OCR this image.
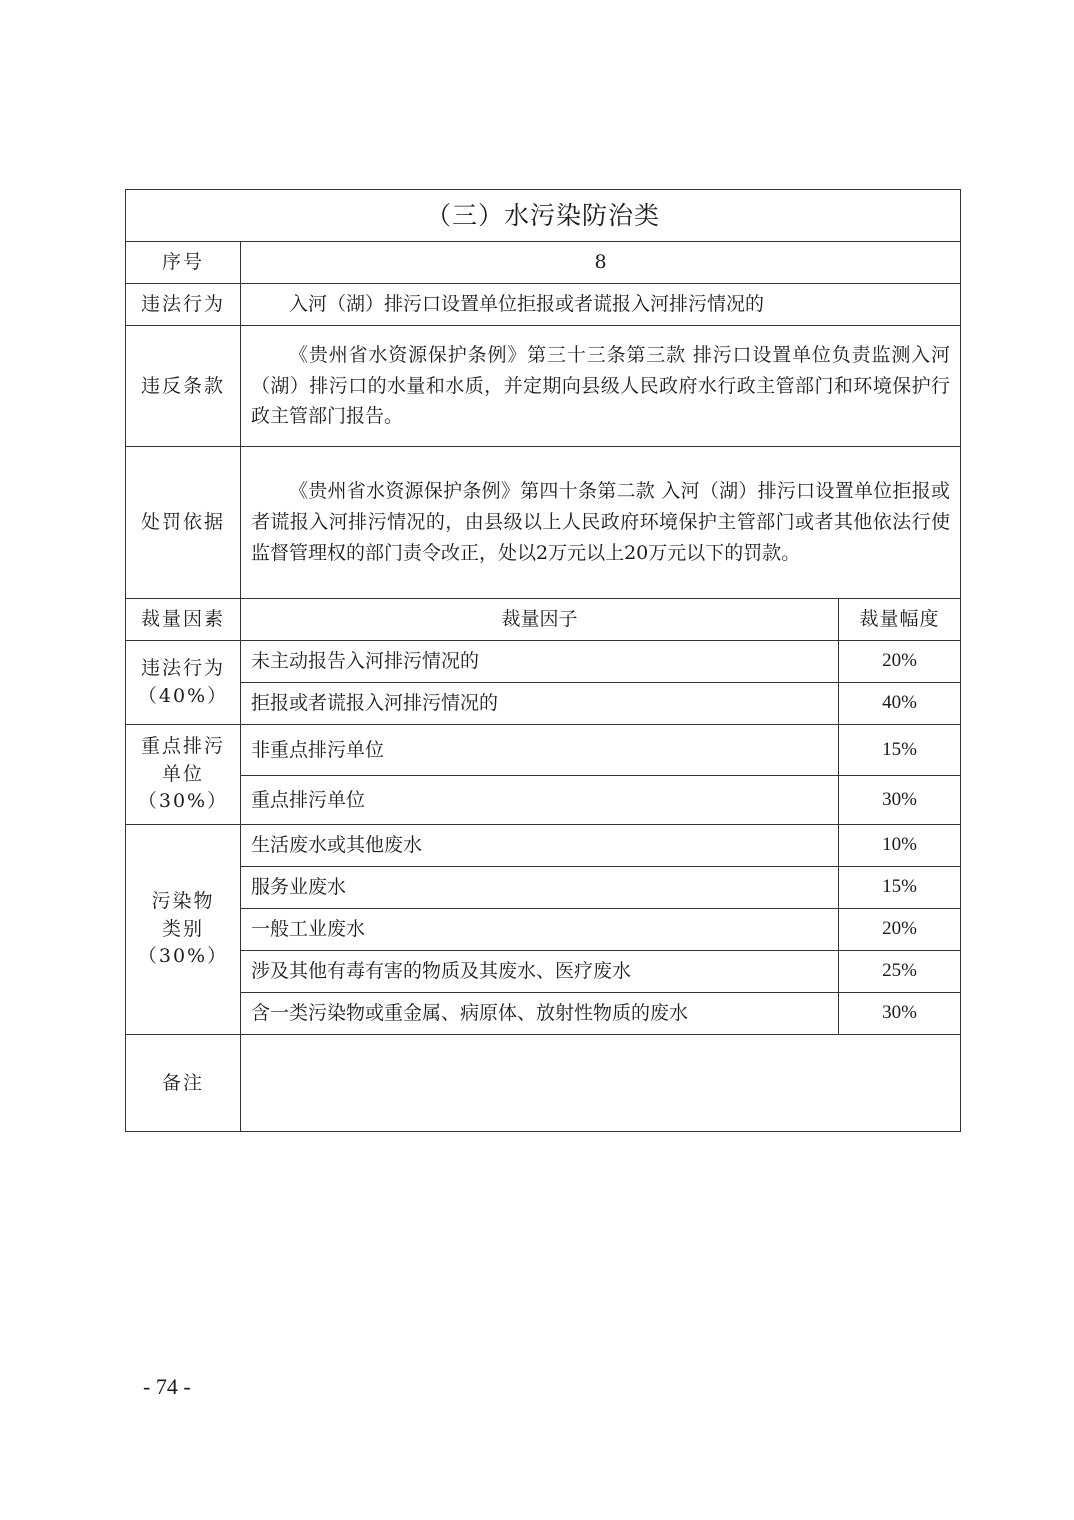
（三）水污染防治类		
序号	8	
违法行为	入河（湖）排污口设置单位拒报或者谎报入河排污情况的	
违反条款	《贵州省水资源保护条例》第三十三条第三款 排污口设置单位负责监测入河（湖）排污口的水量和水质，并定期向县级人民政府水行政主管部门和环境保护行政主管部门报告。	
处罚依据	《贵州省水资源保护条例》第四十条第二款 入河（湖）排污口设置单位拒报或者谎报入河排污情况的，由县级以上人民政府环境保护主管部门或者其他依法行使监督管理权的部门责令改正，处以2万元以上20万元以下的罚款。	
裁量因素	裁量因子	裁量幅度

违法行为
（40%）	未主动报告入河排污情况的	20%
	拒报或者谎报入河排污情况的	40%

重点排污
单位
（30%）	非重点排污单位	15%
	重点排污单位	30%

污染物
类别
（30%）	生活废水或其他废水	10%
	服务业废水	15%
	一般工业废水	20%
	涉及其他有毒有害的物质及其废水、医疗废水	25%
	含一类污染物或重金属、病原体、放射性物质的废水	30%
备注		
- 74 -
